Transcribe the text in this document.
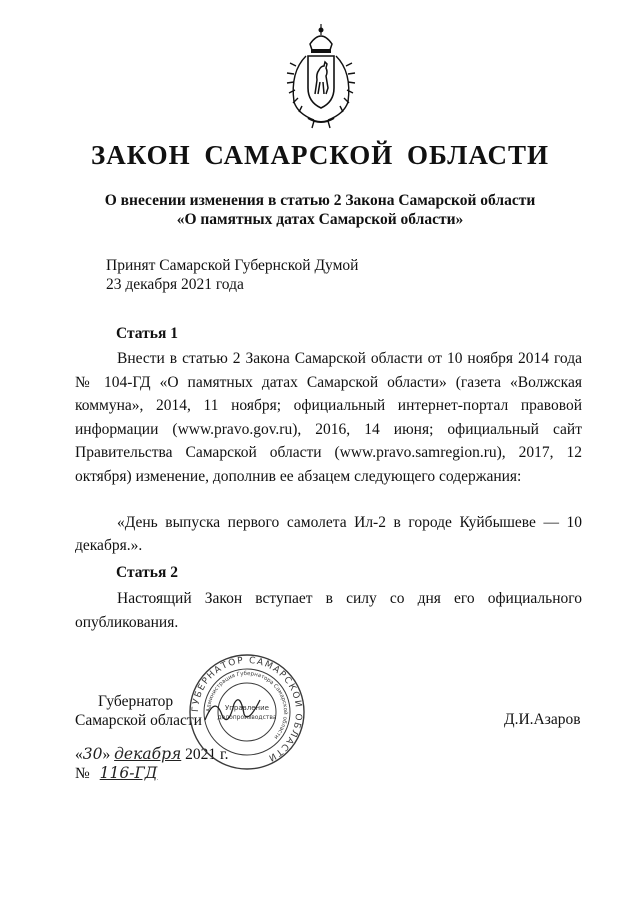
ЗАКОН САМАРСКОЙ ОБЛАСТИ
О внесении изменения в статью 2 Закона Самарской области
«О памятных датах Самарской области»
Принят Самарской Губернской Думой
23 декабря 2021 года
Статья 1
Внести в статью 2 Закона Самарской области от 10 ноября 2014 года № 104-ГД «О памятных датах Самарской области» (газета «Волжская коммуна», 2014, 11 ноября; официальный интернет-портал правовой информации (www.pravo.gov.ru), 2016, 14 июня; официальный сайт Правительства Самарской области (www.pravo.samregion.ru), 2017, 12 октября) изменение, дополнив ее абзацем следующего содержания:
«День выпуска первого самолета Ил-2 в городе Куйбышеве — 10 декабря.».
Статья 2
Настоящий Закон вступает в силу со дня его официального опубликования.
Губернатор
Самарской области	Д.И.Азаров
«30» декабря 2021 г.
№ 116-ГД
ГУБЕРНАТОР САМАРСКОЙ ОБЛАСТИ
Администрация Губернатора Самарской области
Управление
делопроизводства
